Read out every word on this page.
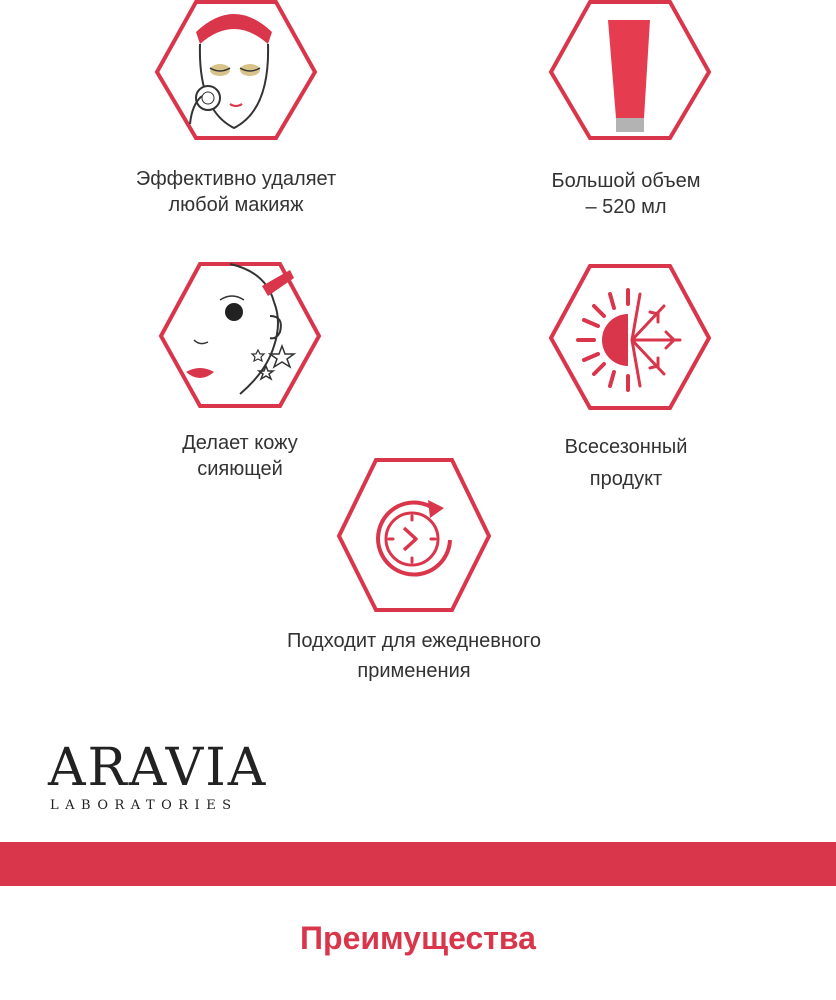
Эффективно удаляет
любой макияж
Большой объем
– 520 мл
Делает кожу
сияющей
Всесезонный
продукт
Подходит для ежедневного
применения
ARAVIA
LABORATORIES
Преимущества
